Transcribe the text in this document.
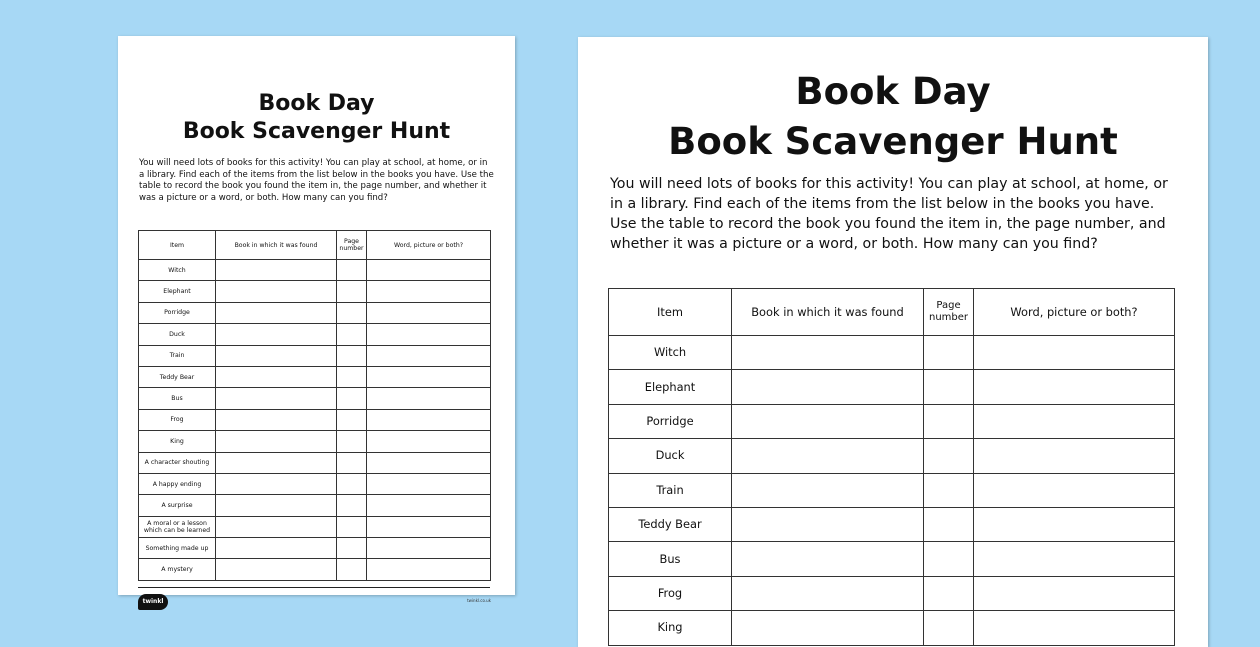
Book Day
Book Scavenger Hunt
You will need lots of books for this activity! You can play at school, at home, or in a library. Find each of the items from the list below in the books you have. Use the table to record the book you found the item in, the page number, and whether it was a picture or a word, or both. How many can you find?
Item	Book in which it was found	Page number	Word, picture or both?
Witch			
Elephant			
Porridge			
Duck			
Train			
Teddy Bear			
Bus			
Frog			
King			
A character shouting			
A happy ending			
A surprise			
A moral or a lesson which can be learned			
Something made up			
A mystery			
twinkl	twinkl.co.uk
Book Day
Book Scavenger Hunt
You will need lots of books for this activity! You can play at school, at home, or in a library. Find each of the items from the list below in the books you have. Use the table to record the book you found the item in, the page number, and whether it was a picture or a word, or both. How many can you find?
Item	Book in which it was found	Page number	Word, picture or both?
Witch			
Elephant			
Porridge			
Duck			
Train			
Teddy Bear			
Bus			
Frog			
King			
